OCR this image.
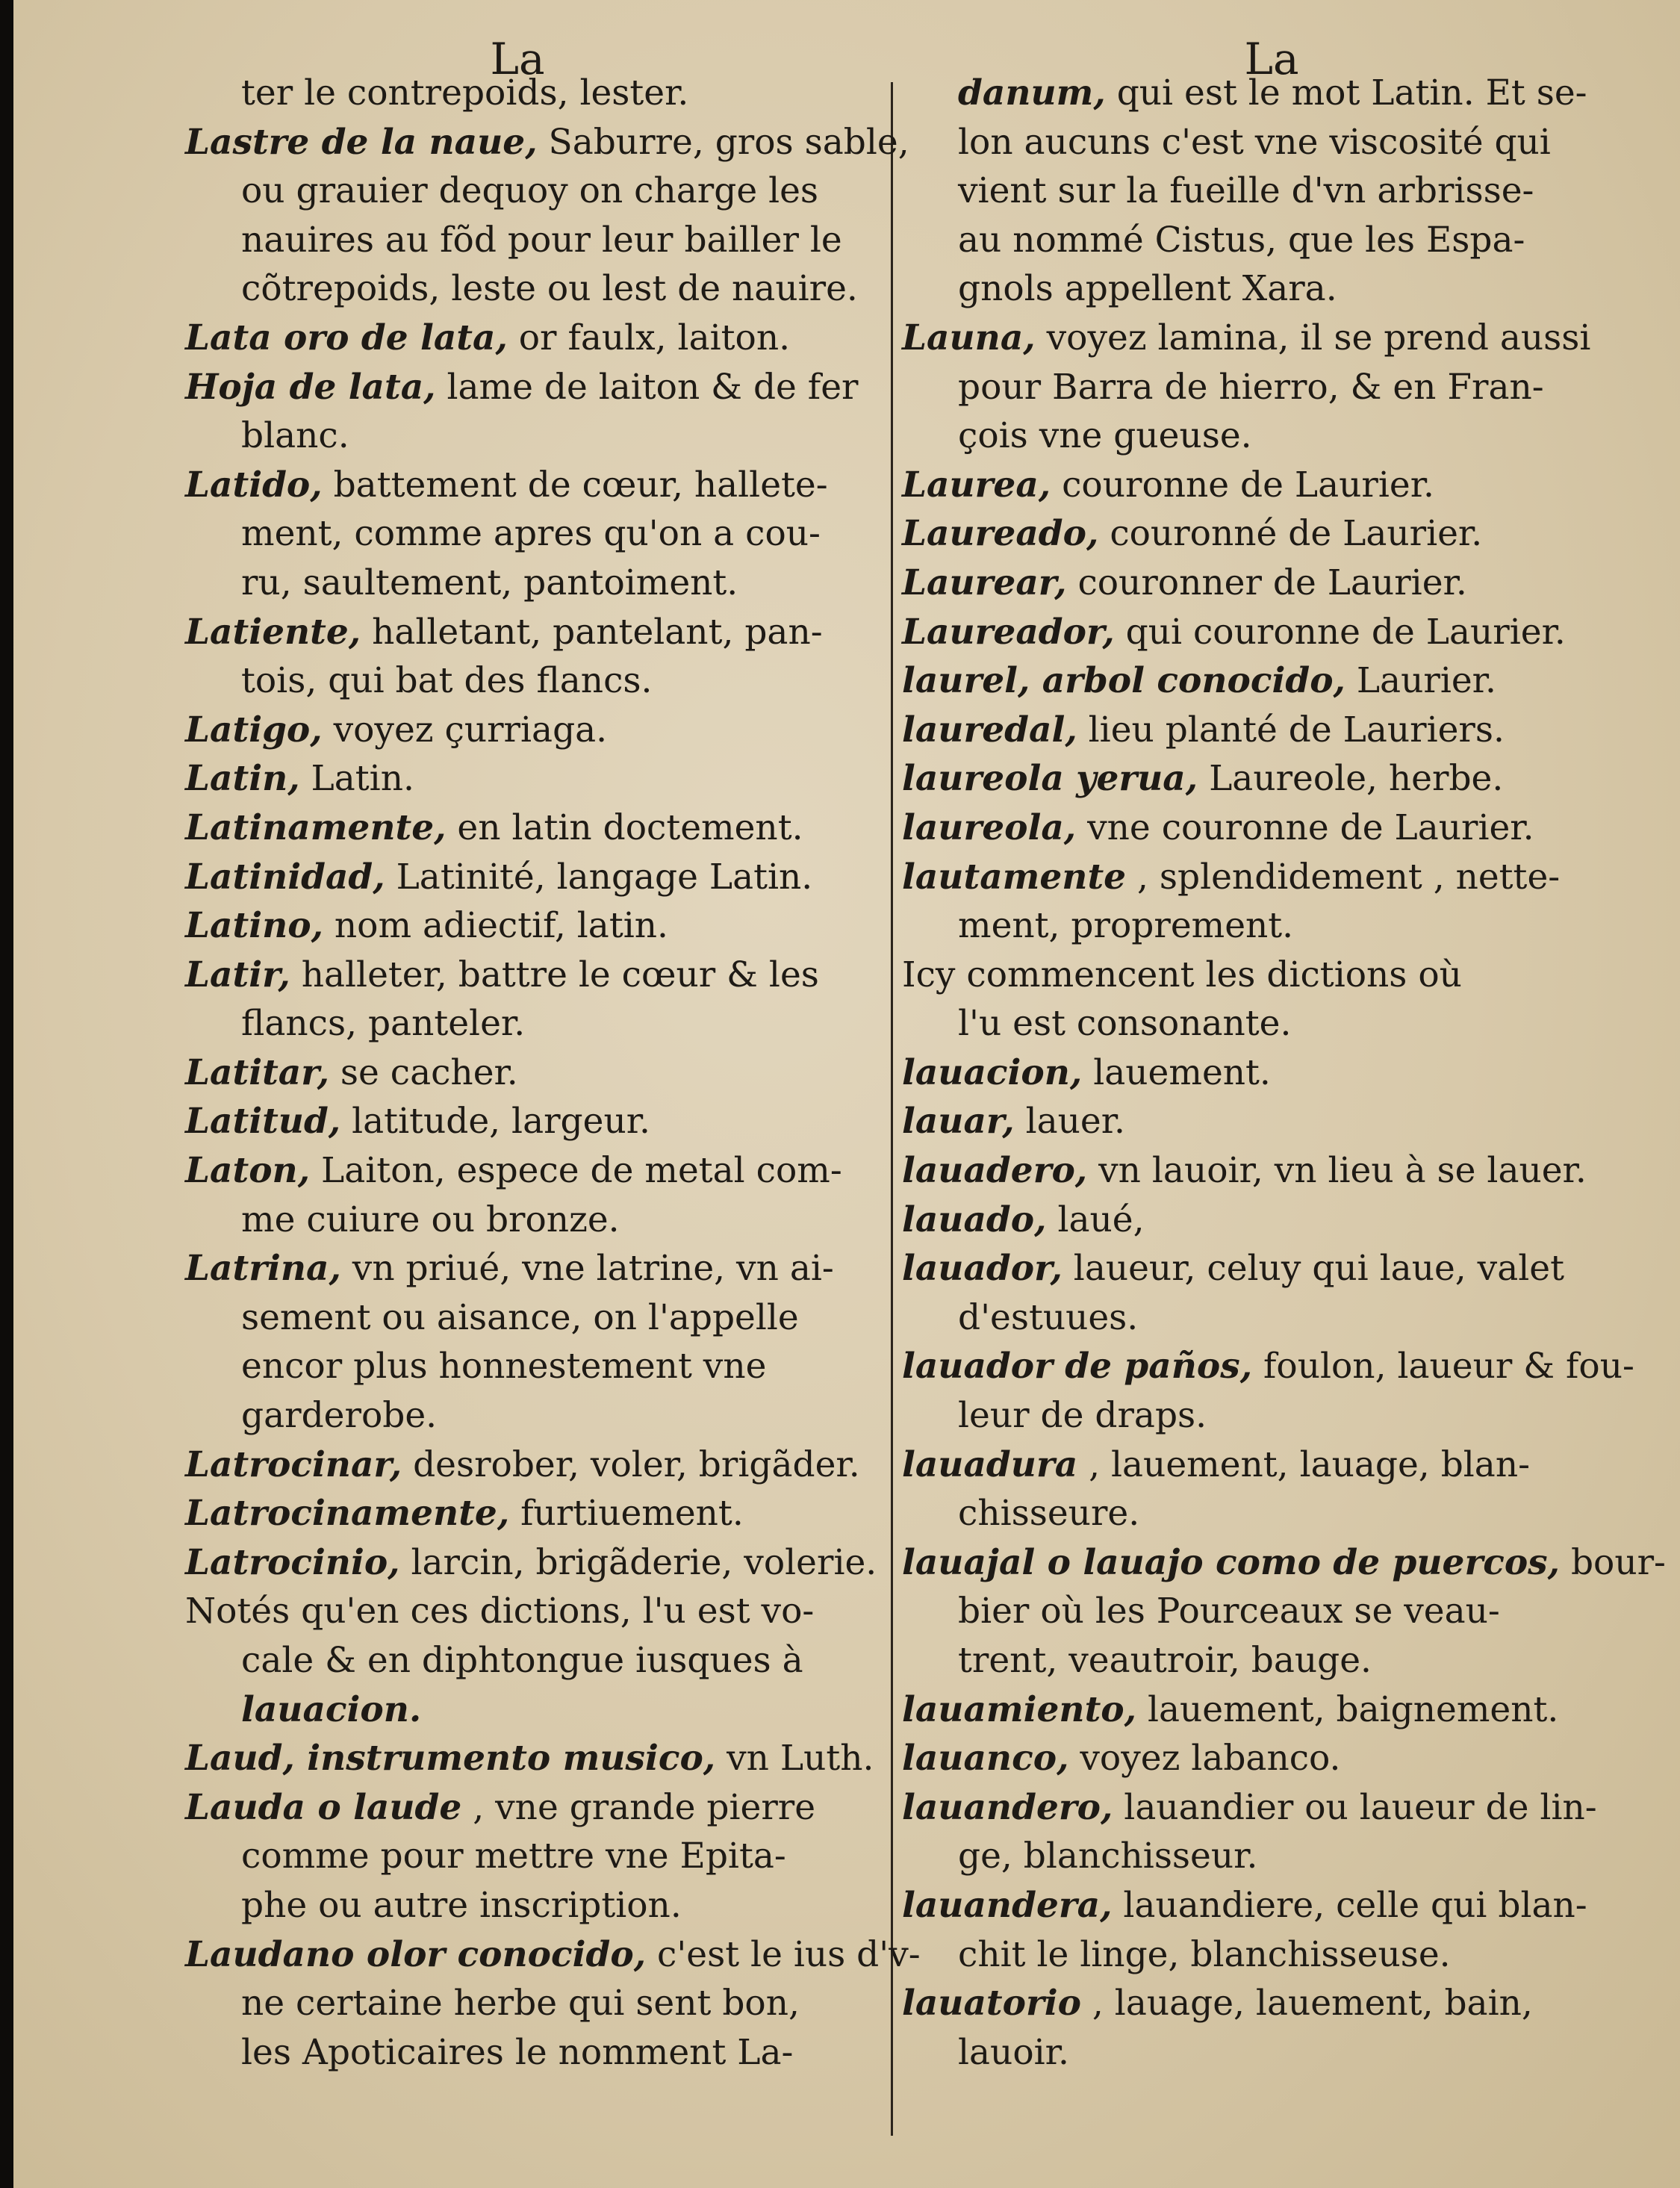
La	La
ter le contrepoids, lester.
Lastre de la naue, Saburre, gros sable,
ou grauier dequoy on charge les
nauires au fõd pour leur bailler le
cõtrepoids, leste ou lest de nauire.
Lata oro de lata, or faulx, laiton.
Hoja de lata, lame de laiton & de fer
blanc.
Latido, battement de cœur, hallete-
ment, comme apres qu'on a cou-
ru, saultement, pantoiment.
Latiente, halletant, pantelant, pan-
tois, qui bat des flancs.
Latigo, voyez çurriaga.
Latin, Latin.
Latinamente, en latin doctement.
Latinidad, Latinité, langage Latin.
Latino, nom adiectif, latin.
Latir, halleter, battre le cœur & les
flancs, panteler.
Latitar, se cacher.
Latitud, latitude, largeur.
Laton, Laiton, espece de metal com-
me cuiure ou bronze.
Latrina, vn priué, vne latrine, vn ai-
sement ou aisance, on l'appelle
encor plus honnestement vne
garderobe.
Latrocinar, desrober, voler, brigãder.
Latrocinamente, furtiuement.
Latrocinio, larcin, brigãderie, volerie.
Notés qu'en ces dictions, l'u est vo-
cale & en diphtongue iusques à
lauacion.
Laud, instrumento musico, vn Luth.
Lauda o laude , vne grande pierre
comme pour mettre vne Epita-
phe ou autre inscription.
Laudano olor conocido, c'est le ius d'v-
ne certaine herbe qui sent bon,
les Apoticaires le nomment La-
danum, qui est le mot Latin. Et se-
lon aucuns c'est vne viscosité qui
vient sur la fueille d'vn arbrisse-
au nommé Cistus, que les Espa-
gnols appellent Xara.
Launa, voyez lamina, il se prend aussi
pour Barra de hierro, & en Fran-
çois vne gueuse.
Laurea, couronne de Laurier.
Laureado, couronné de Laurier.
Laurear, couronner de Laurier.
Laureador, qui couronne de Laurier.
laurel, arbol conocido, Laurier.
lauredal, lieu planté de Lauriers.
laureola yerua, Laureole, herbe.
laureola, vne couronne de Laurier.
lautamente , splendidement , nette-
ment, proprement.
Icy commencent les dictions où
l'u est consonante.
lauacion, lauement.
lauar, lauer.
lauadero, vn lauoir, vn lieu à se lauer.
lauado, laué,
lauador, laueur, celuy qui laue, valet
d'estuues.
lauador de paños, foulon, laueur & fou-
leur de draps.
lauadura , lauement, lauage, blan-
chisseure.
lauajal o lauajo como de puercos, bour-
bier où les Pourceaux se veau-
trent, veautroir, bauge.
lauamiento, lauement, baignement.
lauanco, voyez labanco.
lauandero, lauandier ou laueur de lin-
ge, blanchisseur.
lauandera, lauandiere, celle qui blan-
chit le linge, blanchisseuse.
lauatorio , lauage, lauement, bain,
lauoir.
